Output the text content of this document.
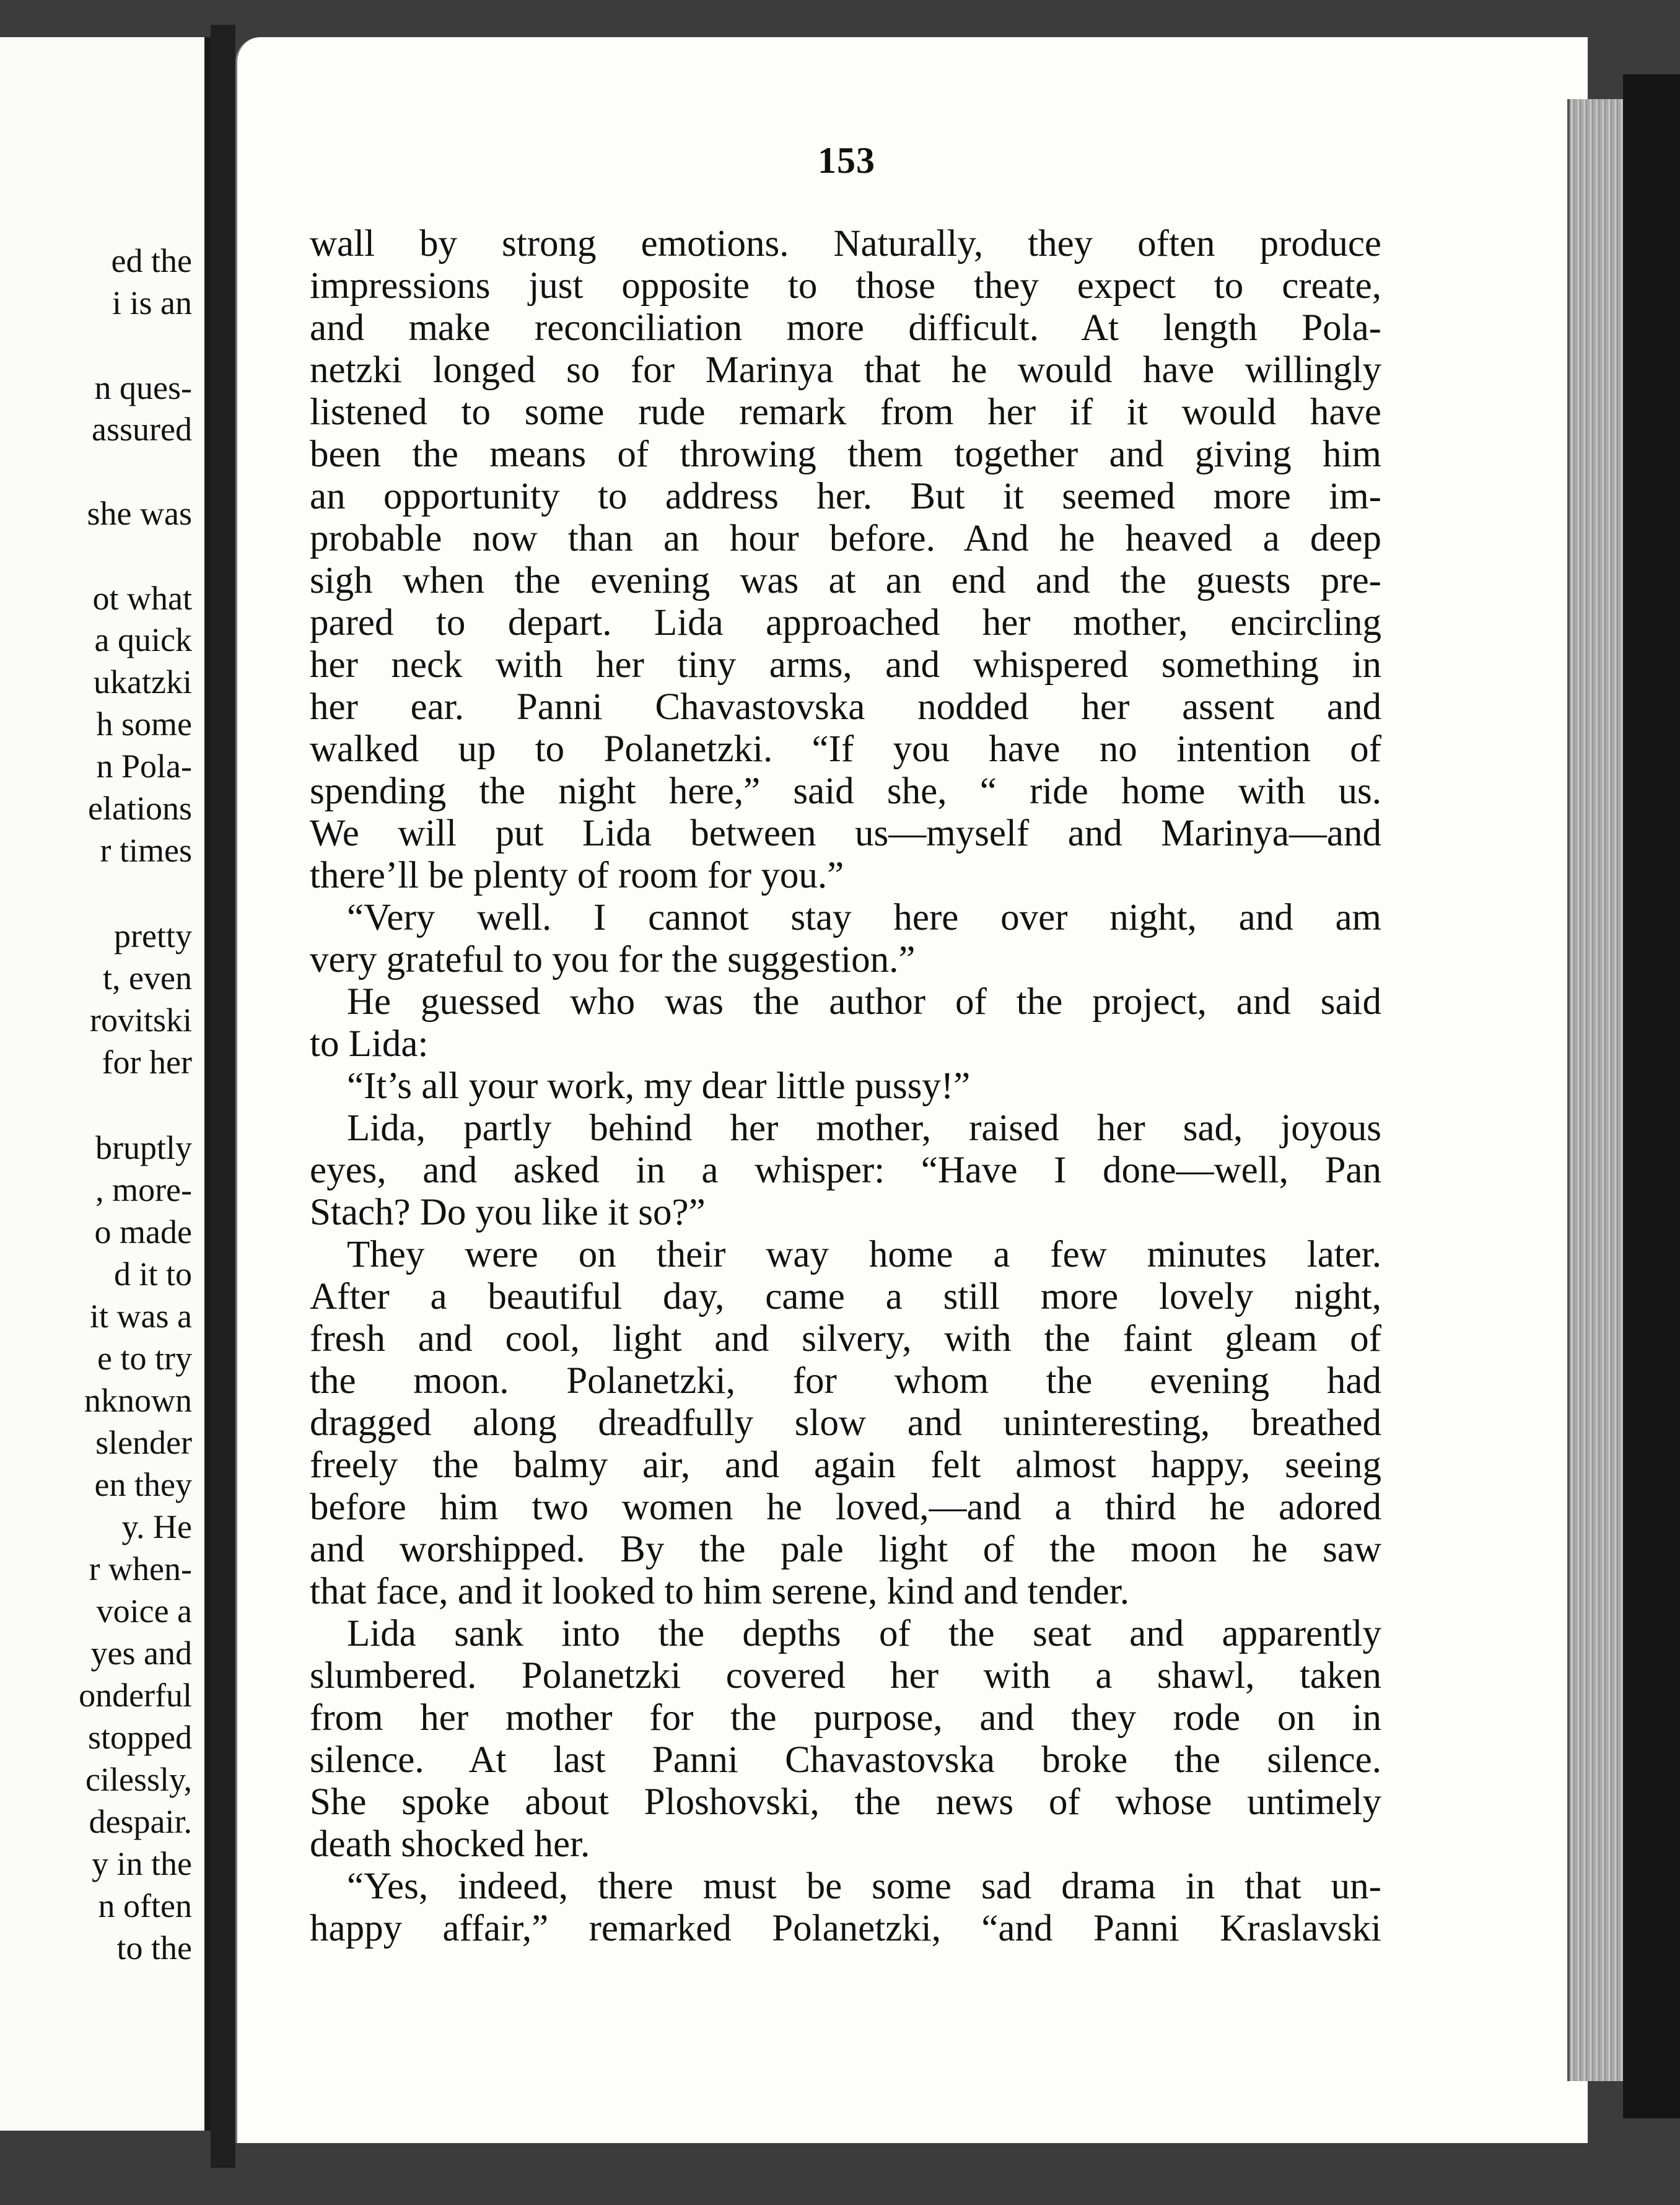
ed the
i is an
n ques-
assured
she was
ot what
a quick
ukatzki
h some
n Pola-
elations
r times
pretty
t, even
rovitski
for her
bruptly
, more-
o made
d it to
it was a
e to try
nknown
slender
en they
y. He
r when-
voice a
yes and
onderful
stopped
cilessly,
despair.
y in the
n often
to the
153
wall by strong emotions. Naturally, they often produce
impressions just opposite to those they expect to create,
and make reconciliation more difficult. At length Pola-
netzki longed so for Marinya that he would have willingly
listened to some rude remark from her if it would have
been the means of throwing them together and giving him
an opportunity to address her. But it seemed more im-
probable now than an hour before. And he heaved a deep
sigh when the evening was at an end and the guests pre-
pared to depart. Lida approached her mother, encircling
her neck with her tiny arms, and whispered something in
her ear. Panni Chavastovska nodded her assent and
walked up to Polanetzki. “If you have no intention of
spending the night here,” said she, “ ride home with us.
We will put Lida between us—myself and Marinya—and
there’ll be plenty of room for you.”
“Very well. I cannot stay here over night, and am
very grateful to you for the suggestion.”
He guessed who was the author of the project, and said
to Lida:
“It’s all your work, my dear little pussy!”
Lida, partly behind her mother, raised her sad, joyous
eyes, and asked in a whisper: “Have I done—well, Pan
Stach? Do you like it so?”
They were on their way home a few minutes later.
After a beautiful day, came a still more lovely night,
fresh and cool, light and silvery, with the faint gleam of
the moon. Polanetzki, for whom the evening had
dragged along dreadfully slow and uninteresting, breathed
freely the balmy air, and again felt almost happy, seeing
before him two women he loved,—and a third he adored
and worshipped. By the pale light of the moon he saw
that face, and it looked to him serene, kind and tender.
Lida sank into the depths of the seat and apparently
slumbered. Polanetzki covered her with a shawl, taken
from her mother for the purpose, and they rode on in
silence. At last Panni Chavastovska broke the silence.
She spoke about Ploshovski, the news of whose untimely
death shocked her.
“Yes, indeed, there must be some sad drama in that un-
happy affair,” remarked Polanetzki, “and Panni Kraslavski
